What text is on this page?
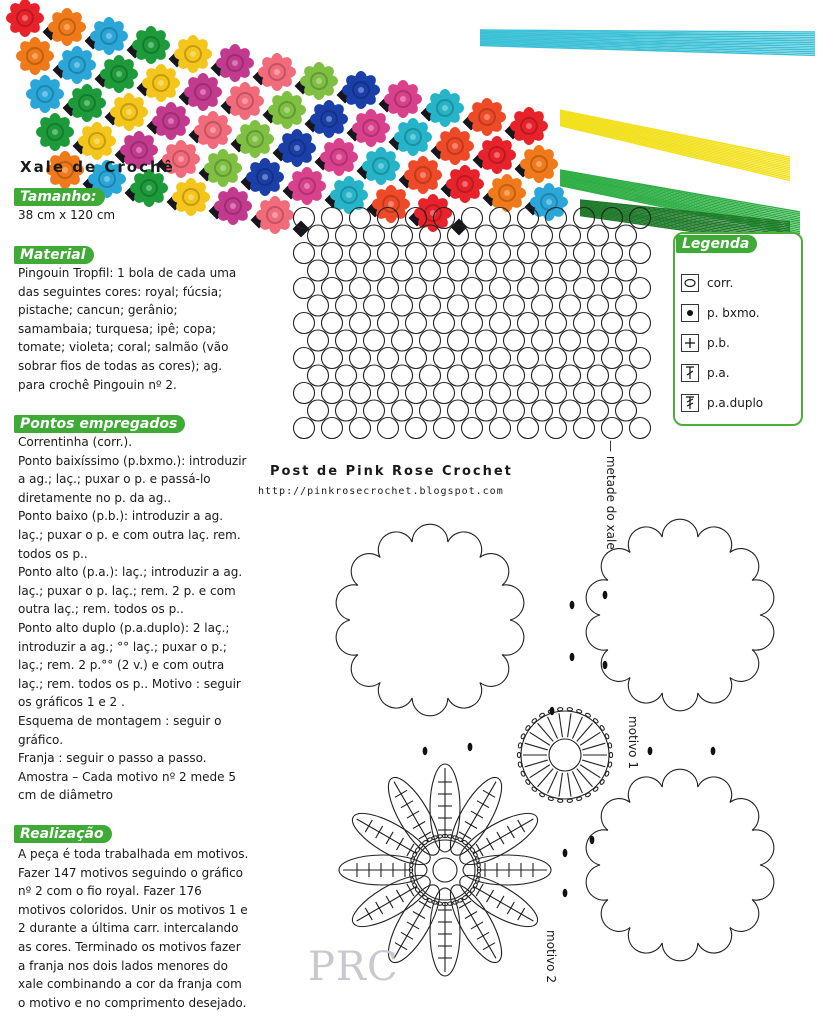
Xale de Crochê
Tamanho:
38 cm x 120 cm
Material
Pingouin Tropfil: 1 bola de cada uma
das seguintes cores: royal; fúcsia;
pistache; cancun; gerânio;
samambaia; turquesa; ipê; copa;
tomate; violeta; coral; salmão (vão
sobrar fios de todas as cores); ag.
para crochê Pingouin nº 2.
Pontos empregados
Correntinha (corr.).
Ponto baixíssimo (p.bxmo.): introduzir
a ag.; laç.; puxar o p. e passá-lo
diretamente no p. da ag..
Ponto baixo (p.b.): introduzir a ag.
laç.; puxar o p. e com outra laç. rem.
todos os p..
Ponto alto (p.a.): laç.; introduzir a ag.
laç.; puxar o p. laç.; rem. 2 p. e com
outra laç.; rem. todos os p..
Ponto alto duplo (p.a.duplo): 2 laç.;
introduzir a ag.; °° laç.; puxar o p.;
laç.; rem. 2 p.°° (2 v.) e com outra
laç.; rem. todos os p.. Motivo : seguir
os gráficos 1 e 2 .
Esquema de montagem : seguir o
gráfico.
Franja : seguir o passo a passo.
Amostra – Cada motivo nº 2 mede 5
cm de diâmetro
Realização
A peça é toda trabalhada em motivos.
Fazer 147 motivos seguindo o gráfico
nº 2 com o fio royal. Fazer 176
motivos coloridos. Unir os motivos 1 e
2 durante a última carr. intercalando
as cores. Terminado os motivos fazer
a franja nos dois lados menores do
xale combinando a cor da franja com
o motivo e no comprimento desejado.
— metade do xale
corr.
p. bxmo.
p.b.
p.a.
p.a.duplo
Legenda
Post de Pink Rose Crochet
http://pinkrosecrochet.blogspot.com
motivo 1
motivo 2
PRC
